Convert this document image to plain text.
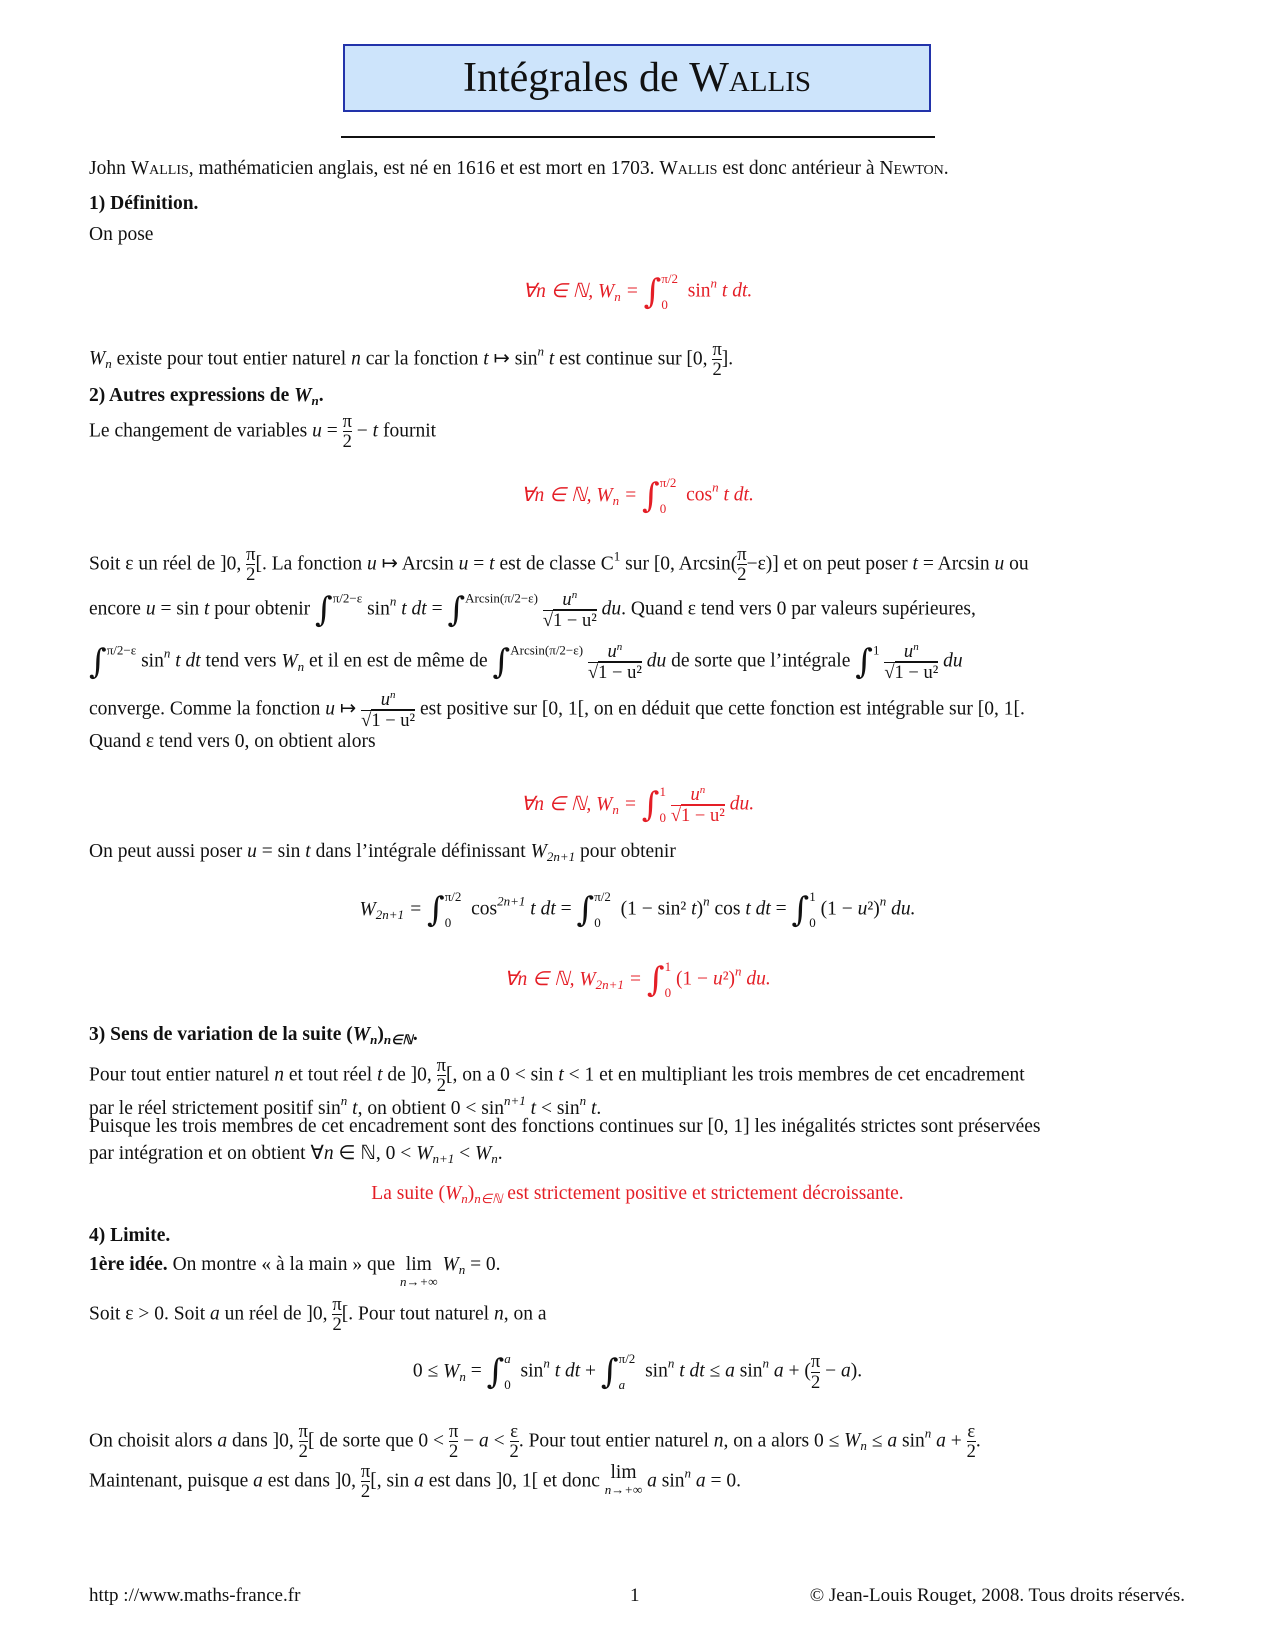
Intégrales de Wallis
John Wallis, mathématicien anglais, est né en 1616 et est mort en 1703. Wallis est donc antérieur à Newton.
1) Définition.
On pose
∀n ∈ ℕ, $W_n$ = ∫ π/2
0
$\sin^n t$ dt.
$W_n$ existe pour tout entier naturel n car la fonction t ↦ $\sin^n t$ est continue sur [0, $\frac{\pi}{2}$ ].
2) Autres expressions de $W_n$.
Le changement de variables $u = \frac{\pi}{2} - t$ fournit
∀n ∈ ℕ, $W_n$ = ∫ π/2
0
$\cos^n t$ dt.
Soit ε un réel de ]0, $\frac{\pi}{2}$ [. La fonction u ↦ Arcsin u = t est de classe $C^1$ sur [0, $Arcsin( \frac{\pi}{2} -\varepsilon)$] et on peut poser t = Arcsin u ou
encore u = sin t pour obtenir ∫$^{\pi/2-\varepsilon}$ $\sin^n t$ dt = $\int^{Arcsin(\pi/2-\varepsilon)} \frac{u^n}{\text{√1 − u²}}$ du. Quand ε tend vers 0 par valeurs supérieures,
∫$^{\pi/2-\varepsilon}$ $\sin^n t$ dt tend vers $W_n$ et il en est de même de $\int^{Arcsin(\pi/2-\varepsilon)} \frac{u^n}{\text{√1 − u²}}$ du de sorte que l’intégrale $\int^1 \frac{u^n}{\text{√1 − u²}}$ du
converge. Comme la fonction u ↦ $\frac{u^n}{\text{√1 − u²}}$ est positive sur [0, 1[, on en déduit que cette fonction est intégrable sur [0, 1[.
Quand ε tend vers 0, on obtient alors
∀n ∈ ℕ, $W_n$ = ∫ 1
0
$\frac{u^n}{\text{√1 − u²}}$ du.
On peut aussi poser u = sin t dans l’intégrale définissant $W_{2n+1}$ pour obtenir
$W_{2n+1}$ = ∫ π/2
0
$\cos^{2n+1} t$ dt = ∫ π/2
0
(1 − sin² t)$^n$ cos t dt = ∫ 1
0
$(1 - u^2)^n$ du.
∀n ∈ ℕ, $W_{2n+1}$ = ∫ 1
0
$(1 - u^2)^n$ du.
3) Sens de variation de la suite $(W_n)_{n\in ℕ}$.
Pour tout entier naturel n et tout réel t de ]0, $\frac{\pi}{2}$ [, on a 0 < sin t < 1 et en multipliant les trois membres de cet encadrement
par le réel strictement positif $\sin^n t$, on obtient $0 < \sin^{n+1} t < \sin^n t$.
Puisque les trois membres de cet encadrement sont des fonctions continues sur [0, 1] les inégalités strictes sont préservées
par intégration et on obtient ∀n ∈ ℕ, $0 < W_{n+1} < W_n$.
La suite $(W_n)_{n\in ℕ}$ est strictement positive et strictement décroissante.
4) Limite.
1ère idée. On montre « à la main » que lim
n→+∞
$W_n = 0$.
Soit ε > 0. Soit a un réel de ]0, $\frac{\pi}{2}$ [. Pour tout naturel n, on a
$0 \le W_n$ = ∫ a
0
$\sin^n t$ dt + ∫ π/2
a
$\sin^n t$ dt ≤ a $\sin^n a$ + ( $\frac{\pi}{2} - a$).
On choisit alors a dans ]0, $\frac{\pi}{2}$ [ de sorte que $0 < \frac{\pi}{2} - a < \frac{\varepsilon}{2}$ . Pour tout entier naturel n, on a alors $0 \le W_n \le a$ $\sin^n a + \frac{\varepsilon}{2}$ .
Maintenant, puisque a est dans ]0, $\frac{\pi}{2}$ [, sin a est dans ]0, 1[ et donc lim
n→+∞ a $\sin^n a = 0$.
http ://www.maths-france.fr	1	© Jean-Louis Rouget, 2008. Tous droits réservés.
